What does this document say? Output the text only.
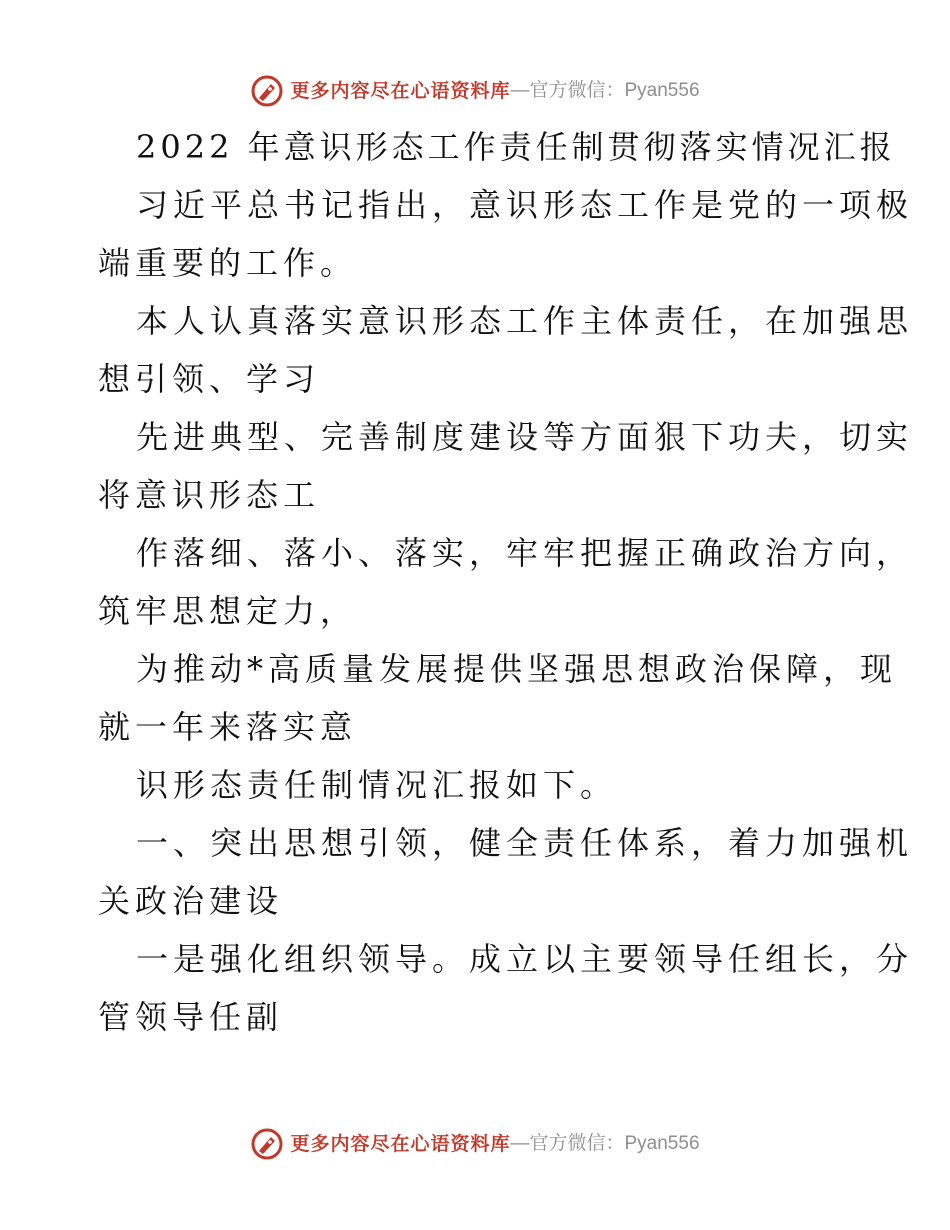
更多内容尽在心语资料库 —官方微信：Pyan556
2022 年意识形态工作责任制贯彻落实情况汇报
习近平总书记指出，意识形态工作是党的一项极
端重要的工作。
本人认真落实意识形态工作主体责任，在加强思
想引领、学习
先进典型、完善制度建设等方面狠下功夫，切实
将意识形态工
作落细、落小、落实，牢牢把握正确政治方向，
筑牢思想定力，
为推动*高质量发展提供坚强思想政治保障，现
就一年来落实意
识形态责任制情况汇报如下。
一、突出思想引领，健全责任体系，着力加强机
关政治建设
一是强化组织领导。成立以主要领导任组长，分
管领导任副
更多内容尽在心语资料库 —官方微信：Pyan556
